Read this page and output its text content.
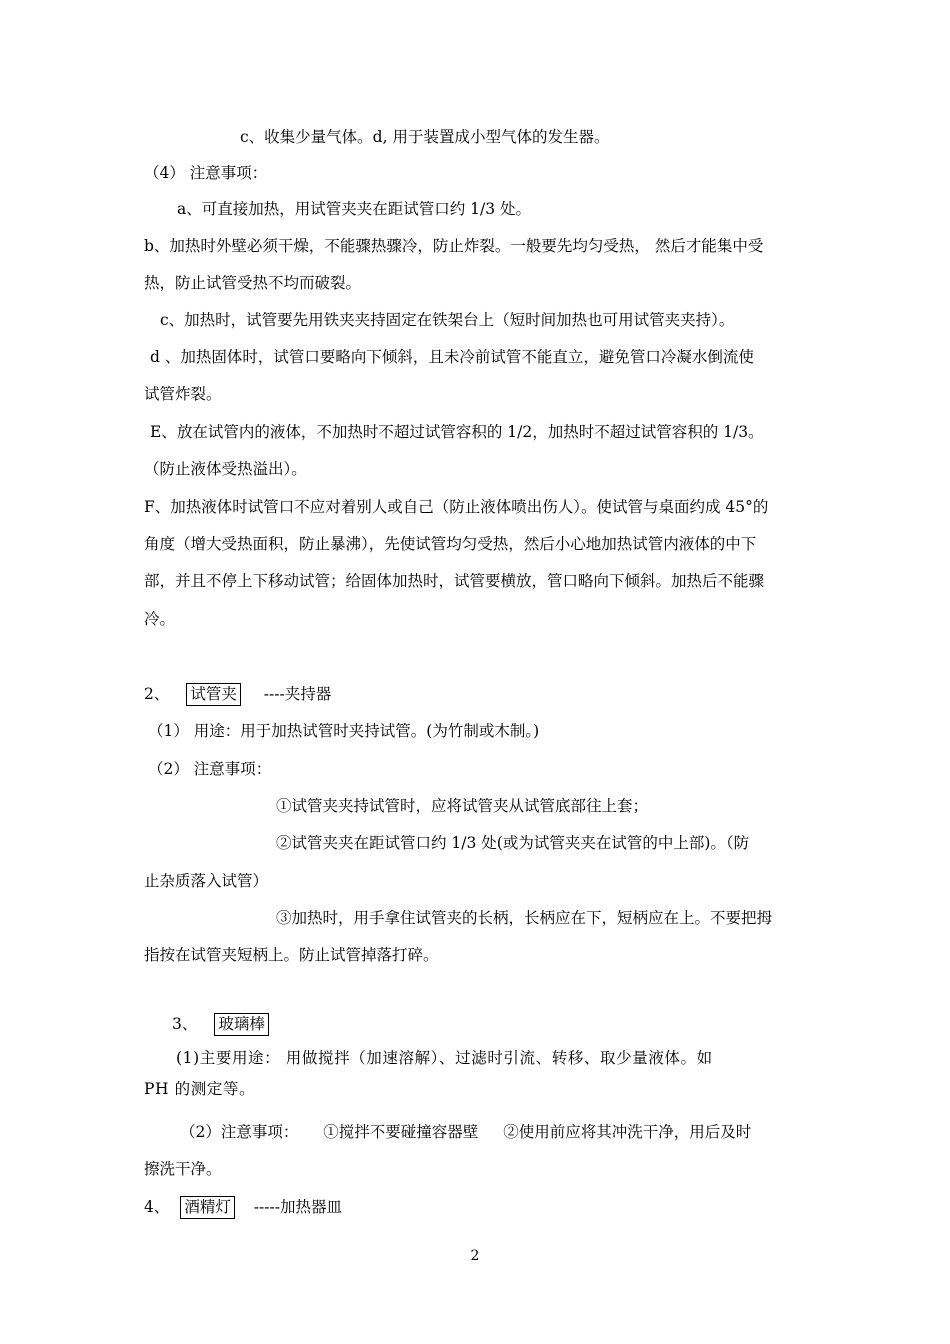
c、收集少量气体。d, 用于装置成小型气体的发生器。
（4） 注意事项：
a、可直接加热，用试管夹夹在距试管口约 1/3 处。
b、加热时外壁必须干燥，不能骤热骤冷，防止炸裂。一般要先均匀受热， 然后才能集中受
热，防止试管受热不均而破裂。
c、加热时，试管要先用铁夹夹持固定在铁架台上（短时间加热也可用试管夹夹持）。
d 、加热固体时，试管口要略向下倾斜，且未冷前试管不能直立，避免管口冷凝水倒流使
试管炸裂。
E、放在试管内的液体，不加热时不超过试管容积的 1/2，加热时不超过试管容积的 1/3。
（防止液体受热溢出）。
F、加热液体时试管口不应对着别人或自己（防止液体喷出伤人）。使试管与桌面约成 45°的
角度（增大受热面积，防止暴沸），先使试管均匀受热，然后小心地加热试管内液体的中下
部，并且不停上下移动试管；给固体加热时，试管要横放，管口略向下倾斜。加热后不能骤
冷。
2、 试管夹 ----夹持器
（1） 用途：用于加热试管时夹持试管。(为竹制或木制。)
（2） 注意事项：
①试管夹夹持试管时，应将试管夹从试管底部往上套；
②试管夹夹在距试管口约 1/3 处(或为试管夹夹在试管的中上部)。（防
止杂质落入试管）
③加热时，用手拿住试管夹的长柄，长柄应在下，短柄应在上。不要把拇
指按在试管夹短柄上。防止试管掉落打碎。
3、 玻璃棒
(1)主要用途： 用做搅拌（加速溶解）、过滤时引流、转移、取少量液体。如
PH 的测定等。
（2）注意事项： ①搅拌不要碰撞容器壁 ②使用前应将其冲洗干净，用后及时
擦洗干净。
4、 酒精灯 -----加热器皿
2
